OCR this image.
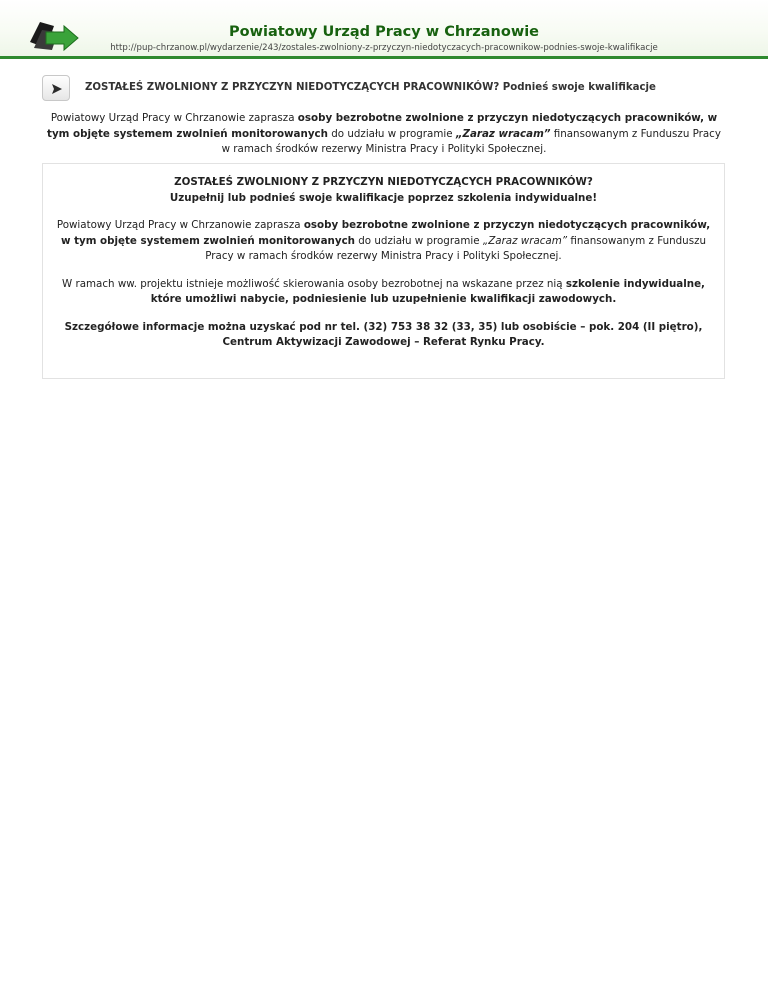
Powiatowy Urząd Pracy w Chrzanowie
http://pup-chrzanow.pl/wydarzenie/243/zostales-zwolniony-z-przyczyn-niedotyczacych-pracownikow-podnies-swoje-kwalifikacje
ZOSTAŁEŚ ZWOLNIONY Z PRZYCZYN NIEDOTYCZĄCYCH PRACOWNIKÓW? Podnieś swoje kwalifikacje
Powiatowy Urząd Pracy w Chrzanowie zaprasza osoby bezrobotne zwolnione z przyczyn niedotyczących pracowników, w tym objęte systemem zwolnień monitorowanych do udziału w programie „Zaraz wracam” finansowanym z Funduszu Pracy w ramach środków rezerwy Ministra Pracy i Polityki Społecznej.

ZOSTAŁEŚ ZWOLNIONY Z PRZYCZYN NIEDOTYCZĄCYCH PRACOWNIKÓW?
Uzupełnij lub podnieś swoje kwalifikacje poprzez szkolenia indywidualne!

Powiatowy Urząd Pracy w Chrzanowie zaprasza osoby bezrobotne zwolnione z przyczyn niedotyczących pracowników, w tym objęte systemem zwolnień monitorowanych do udziału w programie „Zaraz wracam” finansowanym z Funduszu Pracy w ramach środków rezerwy Ministra Pracy i Polityki Społecznej.

W ramach ww. projektu istnieje możliwość skierowania osoby bezrobotnej na wskazane przez nią szkolenie indywidualne, które umożliwi nabycie, podniesienie lub uzupełnienie kwalifikacji zawodowych.

Szczegółowe informacje można uzyskać pod nr tel. (32) 753 38 32 (33, 35) lub osobiście – pok. 204 (II piętro), Centrum Aktywizacji Zawodowej – Referat Rynku Pracy.
